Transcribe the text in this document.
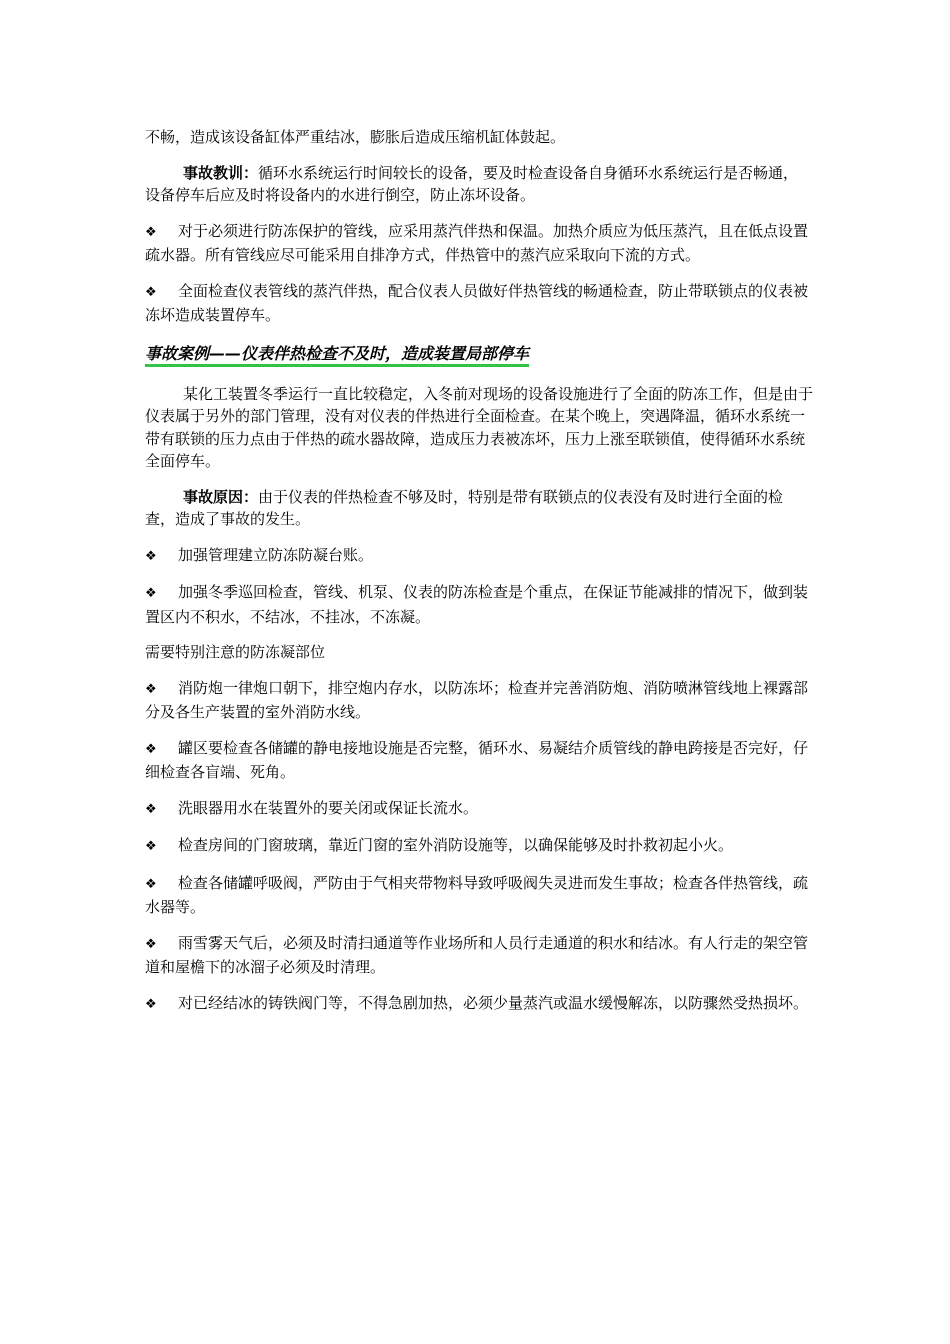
不畅，造成该设备缸体严重结冰，膨胀后造成压缩机缸体鼓起。

事故教训：循环水系统运行时间较长的设备，要及时检查设备自身循环水系统运行是否畅通，设备停车后应及时将设备内的水进行倒空，防止冻坏设备。

❖ 对于必须进行防冻保护的管线，应采用蒸汽伴热和保温。加热介质应为低压蒸汽，且在低点设置疏水器。所有管线应尽可能采用自排净方式，伴热管中的蒸汽应采取向下流的方式。

❖ 全面检查仪表管线的蒸汽伴热，配合仪表人员做好伴热管线的畅通检查，防止带联锁点的仪表被冻坏造成装置停车。

事故案例——仪表伴热检查不及时，造成装置局部停车

某化工装置冬季运行一直比较稳定，入冬前对现场的设备设施进行了全面的防冻工作，但是由于仪表属于另外的部门管理，没有对仪表的伴热进行全面检查。在某个晚上，突遇降温，循环水系统一带有联锁的压力点由于伴热的疏水器故障，造成压力表被冻坏，压力上涨至联锁值，使得循环水系统全面停车。

事故原因：由于仪表的伴热检查不够及时，特别是带有联锁点的仪表没有及时进行全面的检查，造成了事故的发生。

❖ 加强管理建立防冻防凝台账。

❖ 加强冬季巡回检查，管线、机泵、仪表的防冻检查是个重点，在保证节能减排的情况下，做到装置区内不积水，不结冰，不挂冰，不冻凝。

需要特别注意的防冻凝部位

❖ 消防炮一律炮口朝下，排空炮内存水，以防冻坏；检查并完善消防炮、消防喷淋管线地上裸露部分及各生产装置的室外消防水线。

❖ 罐区要检查各储罐的静电接地设施是否完整，循环水、易凝结介质管线的静电跨接是否完好，仔细检查各盲端、死角。

❖ 洗眼器用水在装置外的要关闭或保证长流水。

❖ 检查房间的门窗玻璃，靠近门窗的室外消防设施等，以确保能够及时扑救初起小火。

❖ 检查各储罐呼吸阀，严防由于气相夹带物料导致呼吸阀失灵进而发生事故；检查各伴热管线，疏水器等。

❖ 雨雪雾天气后，必须及时清扫通道等作业场所和人员行走通道的积水和结冰。有人行走的架空管道和屋檐下的冰溜子必须及时清理。

❖ 对已经结冰的铸铁阀门等，不得急剧加热，必须少量蒸汽或温水缓慢解冻，以防骤然受热损坏。
